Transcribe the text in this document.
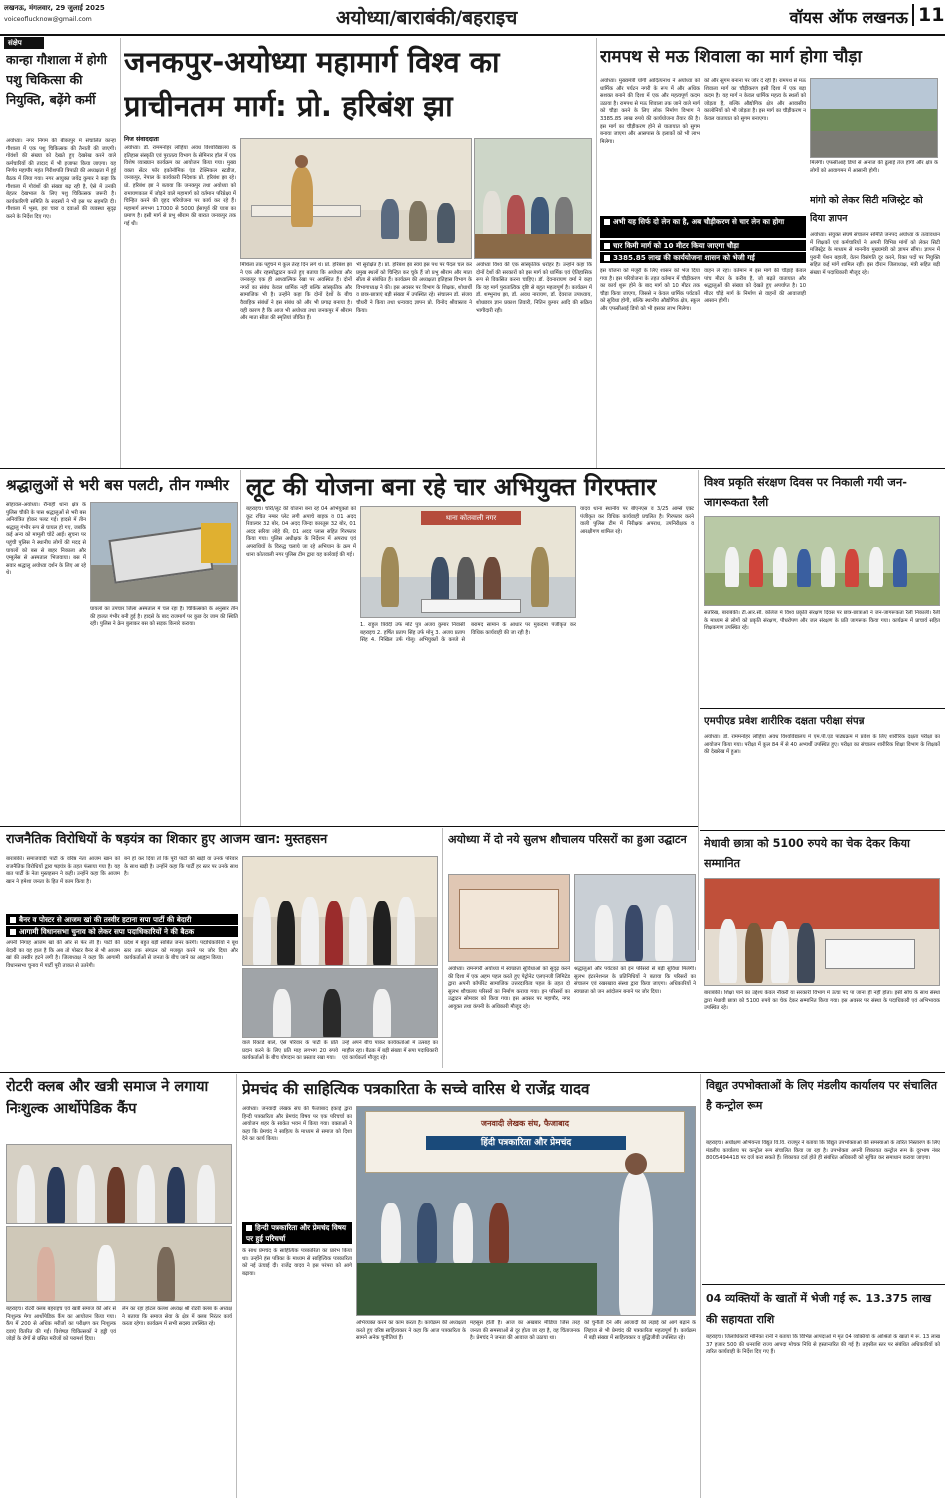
लखनऊ, मंगलवार, 29 जुलाई 2025
voiceoflucknow@gmail.com	अयोध्या/बाराबंकी/बहराइच	वॉयस ऑफ लखनऊ 11
संक्षेप
कान्हा गौशाला में होगी पशु चिकित्सा की नियुक्ति, बढ़ेंगे कर्मी

अयोध्या। नगर निगम की बीकापुर में संचालित कान्हा गौशाला में एक पशु चिकित्सक की तैनाती की जाएगी। गोवंशों की संख्या को देखते हुए देखरेख करने वाले कर्मचारियों की तादाद में भी इजाफा किया जाएगा। यह निर्णय महापौर महंत गिरीशपति त्रिपाठी की अध्यक्षता में हुई बैठक में लिया गया। नगर आयुक्त जयेंद्र कुमार ने कहा कि गौशाला में गोवंशों की संख्या बढ़ रही है, ऐसे में उनकी बेहतर देखभाल के लिए पशु चिकित्सक जरूरी है। कार्यकारिणी समिति के सदस्यों ने भी इस पर सहमति दी। गौशाला में भूसा, हरा चारा व दवाओं की व्यवस्था सुदृढ़ करने के निर्देश दिए गए।

जनकपुर-अयोध्या महामार्ग विश्व का प्राचीनतम मार्ग: प्रो. हरिबंश झा
निज संवाददाता

अयोध्या। डॉ. राममनोहर लोहिया अवध विश्वविद्यालय के इतिहास संस्कृति एवं पुरातत्व विभाग के सेमिनार हॉल में एक विशेष व्याख्यान कार्यक्रम का आयोजन किया गया। मुख्य वक्ता सेंटर फॉर इकोनॉमिक एंड टेक्निकल स्टडीज, जनकपुर, नेपाल के कार्यकारी निदेशक प्रो. हरिबंश झा रहे। प्रो. हरिबंश झा ने बताया कि जनकपुर तथा अयोध्या को रामायणकाल में जोड़ने वाले महामार्ग को वर्तमान परिप्रेक्ष्य में चिन्हित करने की वृहद परियोजना पर कार्य कर रहे हैं। महामार्ग लगभग 17000 से 5000 ईसापूर्व की यात्रा का प्रमाण है। इसी मार्ग से प्रभु श्रीराम की बारात जनकपुर तक गई थी।

मिथिला तक पहुंचने में कुल तेरह दिन लगे थे। प्रो. हरिबंश झा ने एक और रहस्योद्घाटन करते हुए बताया कि अयोध्या और जनकपुर एक ही आध्यात्मिक रेखा पर अवस्थित हैं। दोनों नगरों का संबंध केवल धार्मिक नहीं बल्कि सांस्कृतिक और सामाजिक भी है। उन्होंने कहा कि दोनों देशों के बीच वैवाहिक संबंधों ने इस संबंध को और भी प्रगाढ़ बनाया है। यही कारण है कि आज भी अयोध्या तथा जनकपुर में श्रीराम और माता सीता की स्मृतियां जीवित हैं।

भी सुरक्षित है। प्रो. हरिबंश झा स्वयं इस पथ पर पैदल चल कर प्रमुख स्थलों को चिन्हित कर चुके हैं जो प्रभु श्रीराम और माता सीता से संबंधित हैं। कार्यक्रम की अध्यक्षता इतिहास विभाग के विभागाध्यक्ष ने की। इस अवसर पर विभाग के शिक्षक, शोधार्थी व छात्र-छात्राएं बड़ी संख्या में उपस्थित रहे। संचालन डॉ. संजय चौधरी ने किया तथा धन्यवाद ज्ञापन प्रो. विनोद श्रीवास्तव ने किया।

अयोध्या विश्व की एक सांस्कृतिक धरोहर है। उन्होंने कहा कि दोनों देशों की सरकारों को इस मार्ग को धार्मिक एवं ऐतिहासिक रूप से विकसित करना चाहिए। डॉ. देवनारायण वर्मा ने कहा कि यह मार्ग पुरातात्विक दृष्टि से बहुत महत्वपूर्ण है। कार्यक्रम में डॉ. शम्भुनाथ झा, डॉ. अवध नारायण, डॉ. देवराज उपाध्याय, शोधछात्र ज्ञान प्रकाश तिवारी, नितिन कुमार आदि की सक्रिय भागीदारी रही।

रामपथ से मऊ शिवाला का मार्ग होगा चौड़ा

अयोध्या। मुख्यमंत्री योगी आदित्यनाथ ने अयोध्या को धार्मिक और पर्यटन नगरी के रूप में और अधिक सशक्त बनाने की दिशा में एक और महत्वपूर्ण कदम उठाया है। रामपथ से मऊ शिवाला तक जाने वाले मार्ग को चौड़ा करने के लिए लोक निर्माण विभाग ने 3385.85 लाख रुपये की कार्ययोजना तैयार की है। इस मार्ग का चौड़ीकरण होने से यातायात को सुगम बनाया जाएगा और आसपास के इलाकों को भी लाभ मिलेगा।

को और सुगम बनाना पर जोर दे रही है। रामपथ से मऊ शिवाला मार्ग का चौड़ीकरण इसी दिशा में एक बड़ा कदम है। यह मार्ग न केवल धार्मिक महत्व के स्थलों को जोड़ता है, बल्कि औद्योगिक क्षेत्र और आवासीय कालोनियों को भी जोड़ता है। इस मार्ग का चौड़ीकरण न केवल यातायात को सुगम बनाएगा।

अभी यह सिर्फ दो लेन का है, अब चौड़ीकरण से चार लेन का होगा
चार किमी मार्ग को 10 मीटर किया जाएगा चौड़ा
3385.85 लाख की कार्ययोजना शासन को भेजी गई

इस योजना को मंजूरी के लिए शासन को भेज दिया गया है। इस परियोजना के तहत वर्तमान में चौड़ीकरण का कार्य शुरू होने के बाद मार्ग को 10 मीटर तक चौड़ा किया जाएगा, जिससे न केवल धार्मिक पर्यटकों को सुविधा होगी, बल्कि स्थानीय औद्योगिक क्षेत्र, स्कूल और एफसीआई डिपो को भी इसका लाभ मिलेगा।

वाहन ले रहा। वर्तमान में इस मार्ग की चौड़ाई केवल पांच मीटर के करीब है, जो बढ़ते यातायात और श्रद्धालुओं की संख्या को देखते हुए अपर्याप्त है। 10 मीटर चौड़े मार्ग के निर्माण से वाहनों की आवाजाही आसान होगी।

मिलेगी। एफसीआई डिपो से अनाज की ढुलाई तेज होगी और क्षेत्र के लोगों को आवागमन में आसानी होगी।

मांगो को लेकर सिटी मजिस्ट्रेट को दिया ज्ञापन

अयोध्या। संयुक्त संघर्ष संचालन समिति जनपद अयोध्या के तत्वावधान में शिक्षकों एवं कर्मचारियों ने अपनी विभिन्न मांगों को लेकर सिटी मजिस्ट्रेट के माध्यम से माननीय मुख्यमंत्री को ज्ञापन सौंपा। ज्ञापन में पुरानी पेंशन बहाली, वेतन विसंगति दूर करने, रिक्त पदों पर नियुक्ति सहित कई मांगें शामिल रहीं। इस दौरान जिलाध्यक्ष, मंत्री सहित बड़ी संख्या में पदाधिकारी मौजूद रहे।

श्रद्धालुओं से भरी बस पलटी, तीन गम्भीर

सोहावल-अयोध्या। रौनाही थाना क्षेत्र के पुलिस चौकी के पास श्रद्धालुओं से भरी बस अनियंत्रित होकर पलट गई। हादसे में तीन श्रद्धालु गंभीर रूप से घायल हो गए, जबकि कई अन्य को मामूली चोटें आईं। सूचना पर पहुंची पुलिस ने स्थानीय लोगों की मदद से घायलों को बस से बाहर निकाला और एम्बुलेंस से अस्पताल भिजवाया। बस में सवार श्रद्धालु अयोध्या दर्शन के लिए आ रहे थे।

घायलों का उपचार जिला अस्पताल में चल रहा है। चिकित्सकों के अनुसार तीन की हालत गंभीर बनी हुई है। हादसे के बाद राजमार्ग पर कुछ देर जाम की स्थिति रही। पुलिस ने क्रेन बुलाकर बस को सड़क किनारे कराया।

लूट की योजना बना रहे चार अभियुक्त गिरफ्तार

बहराइच। चोरी/लूट की योजना बना रहे 04 अभियुक्तों को कूट रचित नम्बर प्लेट लगी अपाचे बाइक व 01 अदद रिवाल्वर 32 बोर, 04 अदद जिन्दा कारतूस 32 बोर, 01 अदद सरिया लोहे की, 01 अदद प्लास सहित गिरफ्तार किया गया। पुलिस अधीक्षक के निर्देशन में अपराध एवं अपराधियों के विरुद्ध चलाये जा रहे अभियान के क्रम में थाना कोतवाली नगर पुलिस टीम द्वारा यह कार्रवाई की गई।

थाना कोतवाली नगर

1. राहुल त्रिवेदी उर्फ मोटे पुत्र अजय कुमार निवासी बहराइच 2. हर्षित प्रताप सिंह उर्फ मोनू 3. अजय प्रताप सिंह 4. निखिल उर्फ गोलू। अभियुक्तों के कब्जे से बरामद सामान के आधार पर मुकदमा पंजीकृत कर विधिक कार्यवाही की जा रही है।

यादव थाना स्थानीय पर बीएनएस व 3/25 आर्म्स एक्ट पंजीकृत कर विधिक कार्यवाही प्रचलित है। गिरफ्तार करने वाली पुलिस टीम में निरीक्षक अपराध, उपनिरीक्षक व आरक्षीगण शामिल रहे।

विश्व प्रकृति संरक्षण दिवस पर निकाली गयी जन-जागरूकता रैली

सतरिख, बाराबंकी। टी.आर.सी. कॉलेज में विश्व प्रकृति संरक्षण दिवस पर छात्र-छात्राओं ने जन-जागरूकता रैली निकाली। रैली के माध्यम से लोगों को प्रकृति संरक्षण, पौधरोपण और जल संरक्षण के प्रति जागरूक किया गया। कार्यक्रम में प्राचार्य सहित शिक्षकगण उपस्थित रहे।

एमपीएड प्रवेश शारीरिक दक्षता परीक्षा संपन्न

अयोध्या। डॉ. राममनोहर लोहिया अवध विश्वविद्यालय में एम.पी.एड पाठ्यक्रम में प्रवेश के लिए शारीरिक दक्षता परीक्षा का आयोजन किया गया। परीक्षा में कुल 84 में से 40 अभ्यर्थी उपस्थित हुए। परीक्षा का संचालन शारीरिक शिक्षा विभाग के शिक्षकों की देखरेख में हुआ।

मेधावी छात्रा को 5100 रुपये का चेक देकर किया सम्मानित

बाराबंकी। शिक्षा पाने का उद्देश्य केवल नौकरी या सरकारी विभाग में ऊंचा पद पा जाना ही नहीं होता। इसी सोच के साथ संस्था द्वारा मेधावी छात्रा को 5100 रुपये का चेक देकर सम्मानित किया गया। इस अवसर पर संस्था के पदाधिकारी एवं अभिभावक उपस्थित रहे।

राजनैतिक विरोधियों के षड़यंत्र का शिकार हुए आजम खान: मुस्तहसन

बाराबंकी। समाजवादी पार्टी के वरिष्ठ नेता आजम खान को राजनैतिक विरोधियों द्वारा षड़यंत्र के तहत फंसाया गया है। यह बात पार्टी के नेता मुस्तहसन ने कही। उन्होंने कहा कि आजम खान ने हमेशा जनता के हित में काम किया है।

बने हो कर दिया तो कि पूरी पार्टी की खड़ी वा उनके परिवार के साथ खड़ी है। उन्होंने कहा कि पार्टी हर स्तर पर उनके साथ है।

बैनर व पोस्टर से आजम खां की तस्वीर हटाना सपा पार्टी की बेदारी
आगामी विधानसभा चुनाव को लेकर सपा पदाधिकारियों ने की बैठक

अपनी निगाह आजम खां की ओर से फेर ली है। पार्टी की बेदारी का यह हाल है कि अब तो पोस्टर बैनर से भी आजम खां की तस्वीर हटने लगी है। जिलाध्यक्ष ने कहा कि आगामी विधानसभा चुनाव में पार्टी पूरी ताकत से उतरेगी।

प्रदेश में बहुत बड़ी साबित जनर करेगी। पदाधिकारियों ने बूथ स्तर तक संगठन को मजबूत करने पर जोर दिया और कार्यकर्ताओं से जनता के बीच जाने का आह्वान किया।

वाले रिकार्ड बाले, ऐसे परिवार के पार्टी के प्रति प्रदान करने के लिए प्रति माह लगभग 20 रुपये कार्यकर्ताओं के बीच योगदान का प्रस्ताव रखा गया।

उन्हें अपने बीच पाकर कार्यकर्ताओं में उत्साह का माहौल रहा। बैठक में बड़ी संख्या में सपा पदाधिकारी एवं कार्यकर्ता मौजूद रहे।

अयोध्या में दो नये सुलभ शौचालय परिसरों का हुआ उद्घाटन

अयोध्या। रामनगरी अयोध्या में स्वच्छता सुविधाओं को सुदृढ़ करने की दिशा में एक अहम पहल करते हुए पेट्रोनेट एलएनजी लिमिटेड द्वारा अपनी कॉर्पोरेट सामाजिक उत्तरदायित्व पहल के तहत दो सुलभ शौचालय परिसरों का निर्माण कराया गया। इन परिसरों का उद्घाटन सोमवार को किया गया। इस अवसर पर महापौर, नगर आयुक्त तथा कंपनी के अधिकारी मौजूद रहे।

श्रद्धालुओं और पर्यटकों को इन परिसरों से बड़ी सुविधा मिलेगी। सुलभ इंटरनेशनल के प्रतिनिधियों ने बताया कि परिसरों का संचालन एवं रखरखाव संस्था द्वारा किया जाएगा। अधिकारियों ने स्वच्छता को जन आंदोलन बनाने पर जोर दिया।

रोटरी क्लब और खत्री समाज ने लगाया निःशुल्क आर्थोपेडिक कैंप

बहराइच। रोटरी क्लब बहराइच एवं खत्री समाज की ओर से निःशुल्क मेगा आर्थोपेडिक कैंप का आयोजन किया गया। कैंप में 200 से अधिक मरीजों का परीक्षण कर निःशुल्क दवाएं वितरित की गईं। विशेषज्ञ चिकित्सकों ने हड्डी एवं जोड़ों के रोगों से ग्रसित मरीजों को परामर्श दिया।

लेन का रहा होटल कलश अध्यक्ष श्री रोटरी क्लब के अध्यक्ष ने बताया कि समाज सेवा के क्षेत्र में क्लब निरंतर कार्य करता रहेगा। कार्यक्रम में सभी सदस्य उपस्थित रहे।

प्रेमचंद की साहित्यिक पत्रकारिता के सच्चे वारिस थे राजेंद्र यादव

अयोध्या। जनवादी लेखक संघ की फैजाबाद इकाई द्वारा हिन्दी पत्रकारिता और प्रेमचंद विषय पर एक परिचर्चा का आयोजन शहर के साकेत भवन में किया गया। वक्ताओं ने कहा कि प्रेमचंद ने साहित्य के माध्यम से समाज को दिशा देने का कार्य किया।

हिन्दी पत्रकारिता और प्रेमचंद विषय पर हुई परिचर्चा
जनवादी लेखक संघ, फैजाबाद
हिंदी पत्रकारिता और प्रेमचंद

के साथ प्रेमचंद के साहित्यिक पत्रकारिता का प्रारंभ किया था। उन्होंने हंस पत्रिका के माध्यम से साहित्यिक पत्रकारिता को नई ऊंचाई दी। राजेंद्र यादव ने इस परंपरा को आगे बढ़ाया।

अभिव्यक्त करने का काम करता है। कार्यक्रम की अध्यक्षता करते हुए वरिष्ठ साहित्यकार ने कहा कि आज पत्रकारिता के सामने अनेक चुनौतियां हैं।

महसूस होती है। आज का अखबार मीडिया जिस तरह जनता की समस्याओं से दूर होता जा रहा है, वह चिंताजनक है। प्रेमचंद ने जनता की आवाज को उठाया था।

को चुनौती देने और आजादी की लड़ाई को आगे बढ़ाने के लिहाज से भी प्रेमचंद की पत्रकारिता महत्वपूर्ण है। कार्यक्रम में बड़ी संख्या में साहित्यकार व बुद्धिजीवी उपस्थित रहे।

विद्युत उपभोक्ताओं के लिए मंडलीय कार्यालय पर संचालित है कन्ट्रोल रूम

बहराइच। अधीक्षण अभियन्ता विद्युत वि.वि. राजपुर ने बताया कि विद्युत उपभोक्ताओं की समस्याओं के त्वरित निस्तारण के लिए मंडलीय कार्यालय पर कन्ट्रोल रूम संचालित किया जा रहा है। उपभोक्ता अपनी शिकायत कन्ट्रोल रूम के दूरभाष नंबर 8005494418 पर दर्ज करा सकते हैं। शिकायत दर्ज होते ही संबंधित अधिकारी को सूचित कर समाधान कराया जाएगा।

04 व्यक्तियों के खातों में भेजी गई रू. 13.375 लाख की सहायता राशि

बहराइच। जिलाधिकारी मोनिका रानी ने बताया कि विभिन्न आपदाओं में मृत 04 व्यक्तियों के आश्रितों के खातों में रू. 13 लाख 37 हजार 500 की धनराशि राज्य आपदा मोचक निधि से हस्तान्तरित की गई है। तहसील स्तर पर संबंधित अधिकारियों को त्वरित कार्यवाही के निर्देश दिए गए हैं।
